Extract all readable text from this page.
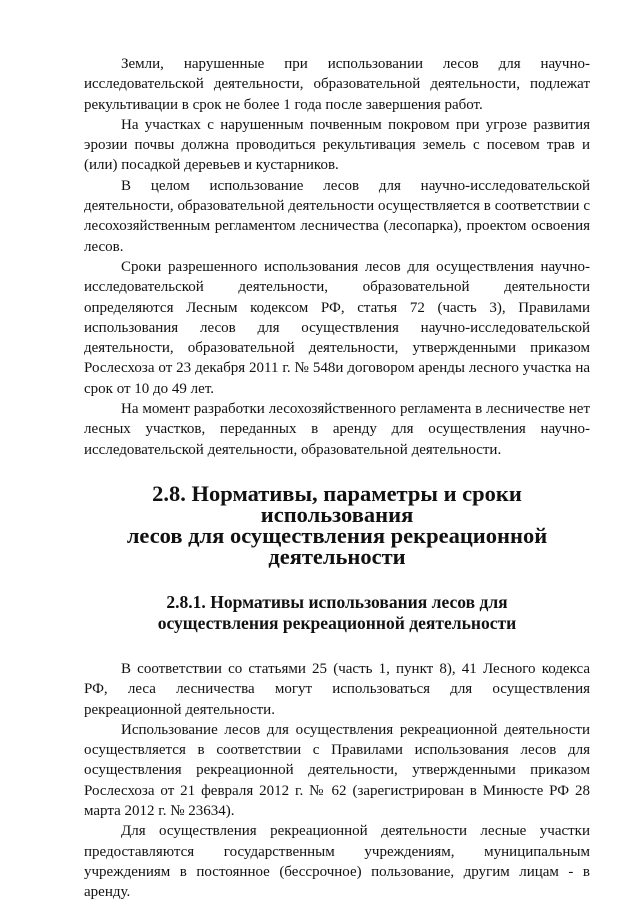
Земли, нарушенные при использовании лесов для научно-исследовательской деятельности, образовательной деятельности, подлежат рекультивации в срок не более 1 года после завершения работ.

На участках с нарушенным почвенным покровом при угрозе развития эрозии почвы должна проводиться рекультивация земель с посевом трав и (или) посадкой деревьев и кустарников.

В целом использование лесов для научно-исследовательской деятельности, образовательной деятельности осуществляется в соответствии с лесохозяйственным регламентом лесничества (лесопарка), проектом освоения лесов.

Сроки разрешенного использования лесов для осуществления научно-исследовательской деятельности, образовательной деятельности определяются Лесным кодексом РФ, статья 72 (часть 3), Правилами использования лесов для осуществления научно-исследовательской деятельности, образовательной деятельности, утвержденными приказом Рослесхоза от 23 декабря 2011 г. № 548и договором аренды лесного участка на срок от 10 до 49 лет.

На момент разработки лесохозяйственного регламента в лесничестве нет лесных участков, переданных в аренду для осуществления научно-исследовательской деятельности, образовательной деятельности.

2.8. Нормативы, параметры и сроки использования
лесов для осуществления рекреационной деятельности
2.8.1. Нормативы использования лесов для
осуществления рекреационной деятельности

В соответствии со статьями 25 (часть 1, пункт 8), 41 Лесного кодекса РФ, леса лесничества могут использоваться для осуществления рекреационной деятельности.

Использование лесов для осуществления рекреационной деятельности осуществляется в соответствии с Правилами использования лесов для осуществления рекреационной деятельности, утвержденными приказом Рослесхоза от 21 февраля 2012 г. № 62 (зарегистрирован в Минюсте РФ 28 марта 2012 г. № 23634).

Для осуществления рекреационной деятельности лесные участки предоставляются государственным учреждениям, муниципальным учреждениям в постоянное (бессрочное) пользование, другим лицам - в аренду.
